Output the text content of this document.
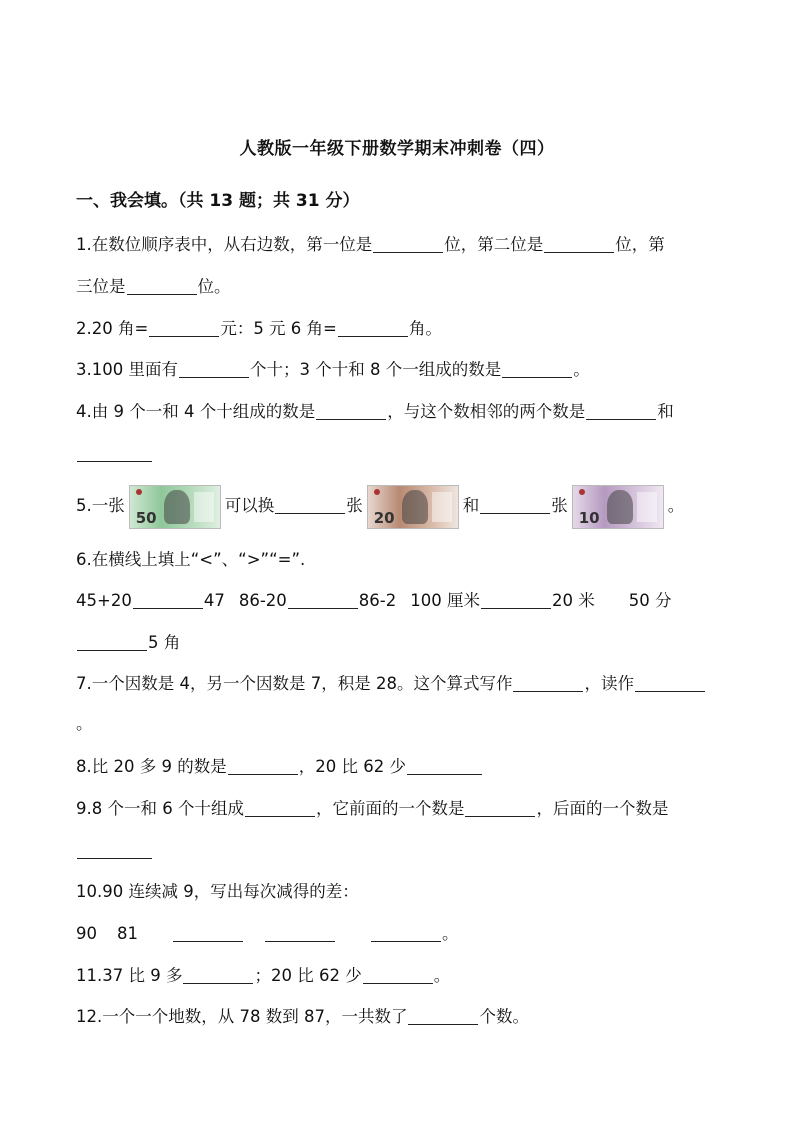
人教版一年级下册数学期末冲刺卷（四）
一、我会填。（共 13 题；共 31 分）
1.在数位顺序表中，从右边数，第一位是	位，第二位是	位，第
三位是	位。
2.20 角=	元：5 元 6 角=	角。
3.100 里面有	个十；3 个十和 8 个一组成的数是	。
4.由 9 个一和 4 个十组成的数是	，与这个数相邻的两个数是	和
5.一张
50
可以换	张
20
和	张
10
。
6.在横线上填上“<”、“>”“=”.
45+20	47 86-20	86-2 100 厘米	20 米 50 分
5 角
7.一个因数是 4，另一个因数是 7，积是 28。这个算式写作	，读作
。
8.比 20 多 9 的数是	，20 比 62 少
9.8 个一和 6 个十组成	，它前面的一个数是	，后面的一个数是
10.90 连续减 9，写出每次减得的差：
90 81	。
11.37 比 9 多	；20 比 62 少	。
12.一个一个地数，从 78 数到 87，一共数了	个数。
